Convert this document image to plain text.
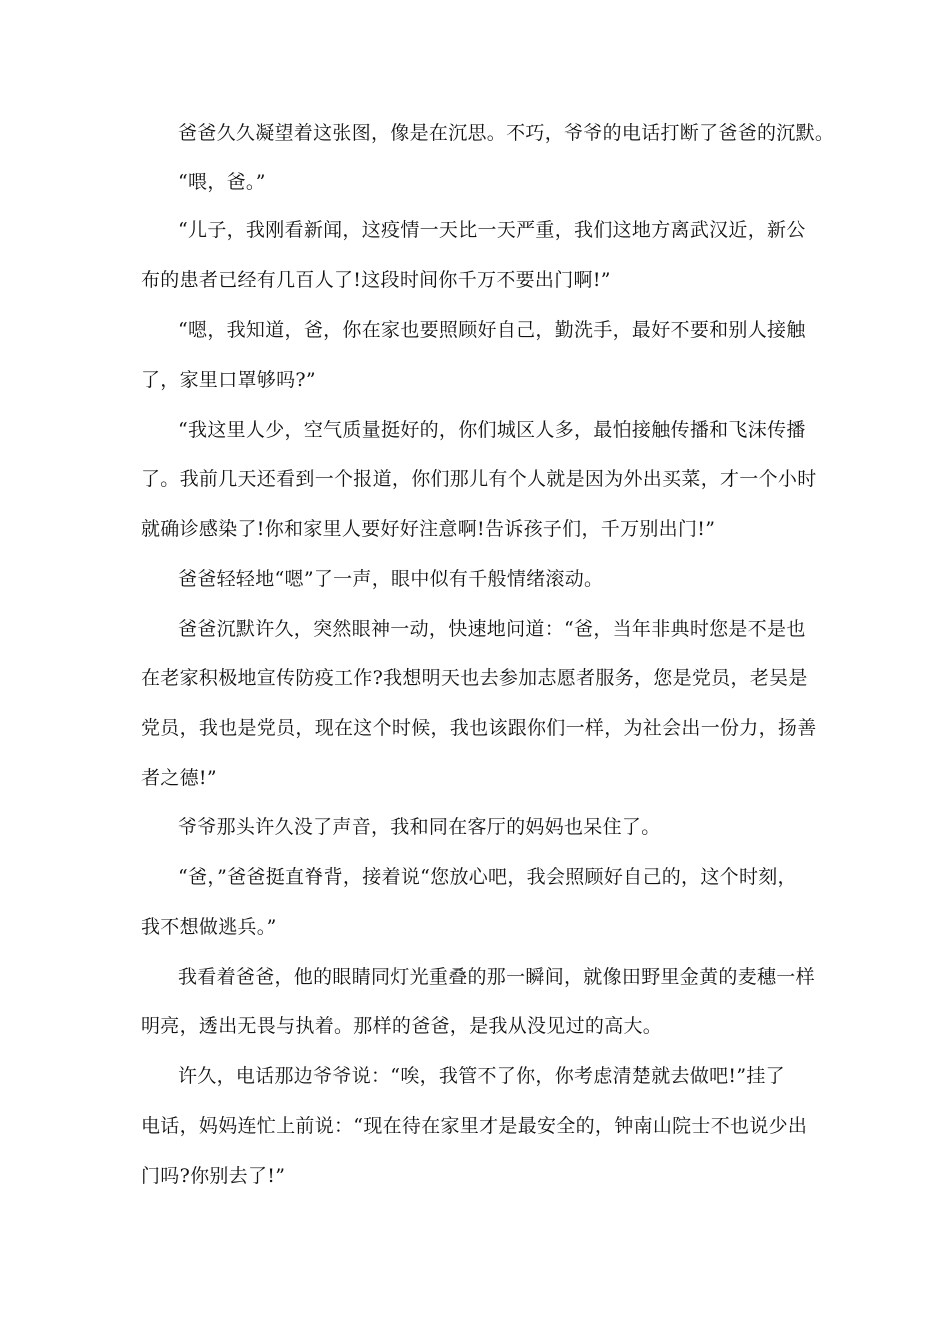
爸爸久久凝望着这张图，像是在沉思。不巧，爷爷的电话打断了爸爸的沉默。
“喂，爸。”
“儿子，我刚看新闻，这疫情一天比一天严重，我们这地方离武汉近，新公
布的患者已经有几百人了!这段时间你千万不要出门啊!”
“嗯，我知道，爸，你在家也要照顾好自己，勤洗手，最好不要和别人接触
了，家里口罩够吗?”
“我这里人少，空气质量挺好的，你们城区人多，最怕接触传播和飞沫传播
了。我前几天还看到一个报道，你们那儿有个人就是因为外出买菜，才一个小时
就确诊感染了!你和家里人要好好注意啊!告诉孩子们，千万别出门!”
爸爸轻轻地“嗯”了一声，眼中似有千般情绪滚动。
爸爸沉默许久，突然眼神一动，快速地问道：“爸，当年非典时您是不是也
在老家积极地宣传防疫工作?我想明天也去参加志愿者服务，您是党员，老吴是
党员，我也是党员，现在这个时候，我也该跟你们一样，为社会出一份力，扬善
者之德!”
爷爷那头许久没了声音，我和同在客厅的妈妈也呆住了。
“爸，”爸爸挺直脊背，接着说“您放心吧，我会照顾好自己的，这个时刻，
我不想做逃兵。”
我看着爸爸，他的眼睛同灯光重叠的那一瞬间，就像田野里金黄的麦穗一样
明亮，透出无畏与执着。那样的爸爸，是我从没见过的高大。
许久，电话那边爷爷说：“唉，我管不了你，你考虑清楚就去做吧!”挂了
电话，妈妈连忙上前说：“现在待在家里才是最安全的，钟南山院士不也说少出
门吗?你别去了!”
